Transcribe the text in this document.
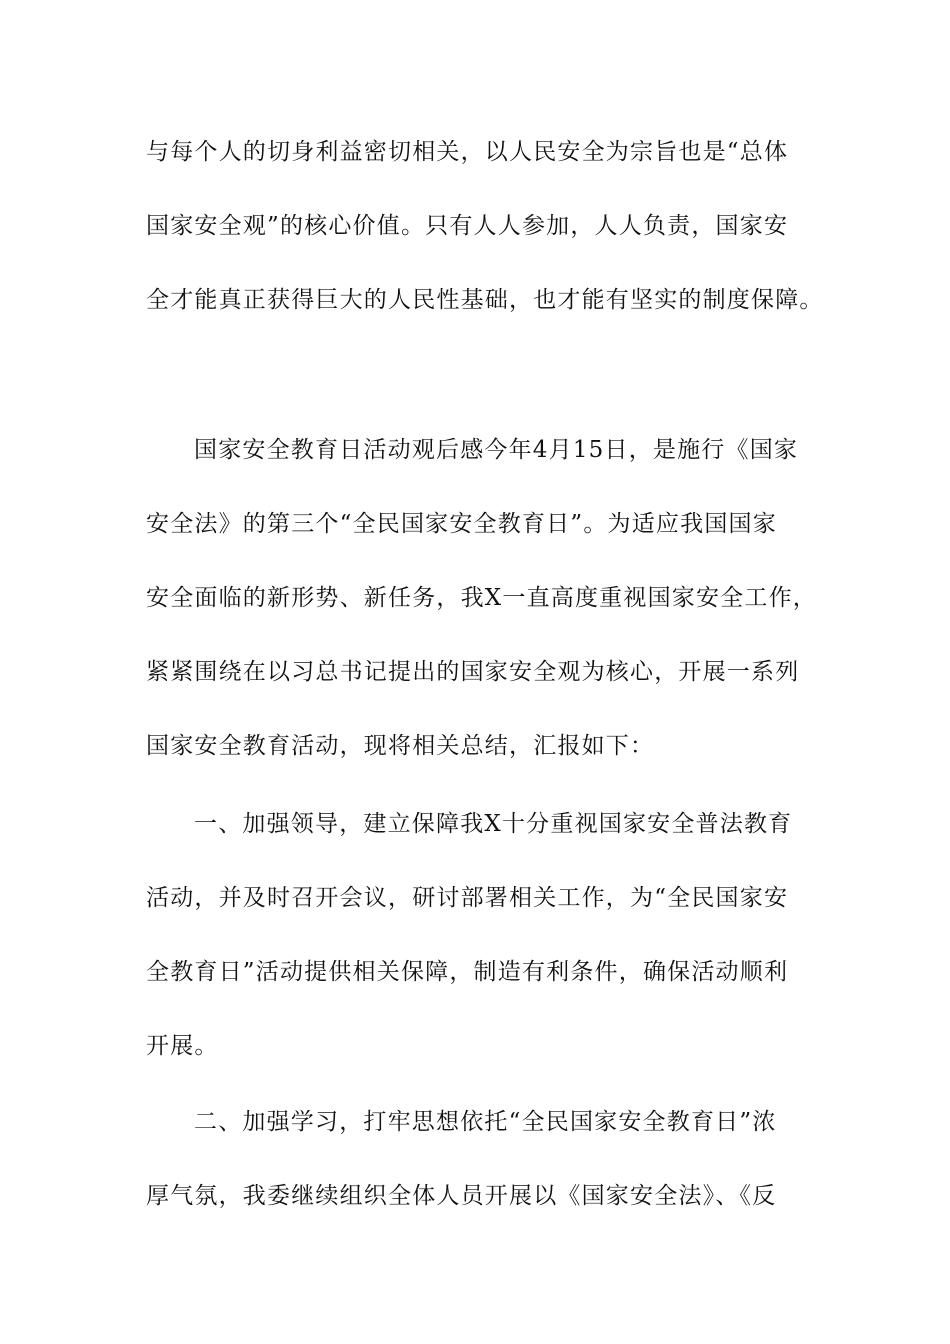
与每个人的切身利益密切相关，以人民安全为宗旨也是“总体
国家安全观”的核心价值。只有人人参加，人人负责，国家安
全才能真正获得巨大的人民性基础，也才能有坚实的制度保障。

国家安全教育日活动观后感今年4月15日，是施行《国家
安全法》的第三个“全民国家安全教育日”。为适应我国国家
安全面临的新形势、新任务，我X一直高度重视国家安全工作，
紧紧围绕在以习总书记提出的国家安全观为核心，开展一系列
国家安全教育活动，现将相关总结，汇报如下：

一、加强领导，建立保障我X十分重视国家安全普法教育
活动，并及时召开会议，研讨部署相关工作，为“全民国家安
全教育日”活动提供相关保障，制造有利条件，确保活动顺利
开展。

二、加强学习，打牢思想依托“全民国家安全教育日”浓
厚气氛，我委继续组织全体人员开展以《国家安全法》、《反
